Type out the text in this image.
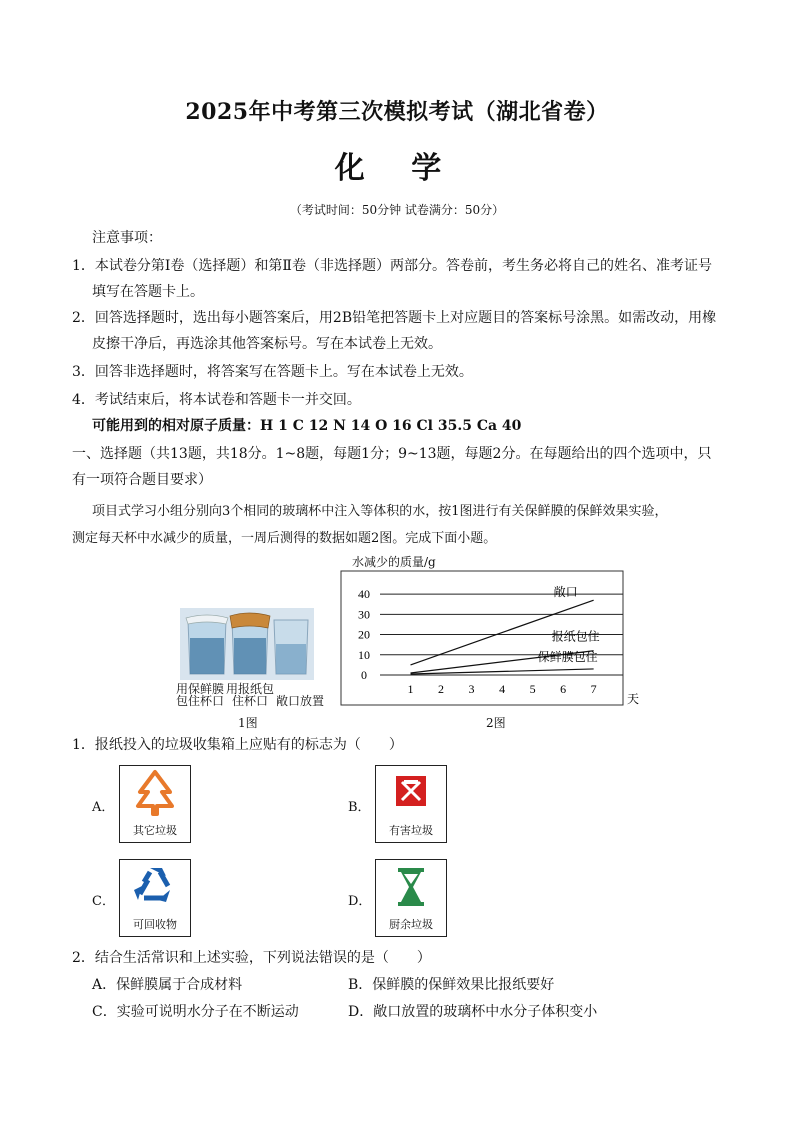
2025年中考第三次模拟考试（湖北省卷）
化 学
（考试时间：50分钟 试卷满分：50分）
注意事项：
1．本试卷分第Ⅰ卷（选择题）和第Ⅱ卷（非选择题）两部分。答卷前，考生务必将自己的姓名、准考证号
填写在答题卡上。
2．回答选择题时，选出每小题答案后，用2B铅笔把答题卡上对应题目的答案标号涂黑。如需改动，用橡
皮擦干净后，再选涂其他答案标号。写在本试卷上无效。
3．回答非选择题时，将答案写在答题卡上。写在本试卷上无效。
4．考试结束后，将本试卷和答题卡一并交回。
可能用到的相对原子质量：H 1 C 12 N 14 O 16 Cl 35.5 Ca 40
一、选择题（共13题，共18分。1~8题，每题1分；9~13题，每题2分。在每题给出的四个选项中，只
有一项符合题目要求）
项目式学习小组分别向3个相同的玻璃杯中注入等体积的水，按1图进行有关保鲜膜的保鲜效果实验，
测定每天杯中水减少的质量，一周后测得的数据如题2图。完成下面小题。
用保鲜膜
包住杯口
用报纸包
住杯口 敞口放置
1图
水减少的质量/g
0
10
20
30
40
1 2 3 4 5 6 7
天
敞口
报纸包住
保鲜膜包住
2图
1．报纸投入的垃圾收集箱上应贴有的标志为（　　）
A．
其它垃圾
B．
有害垃圾
C．
可回收物
D．
厨余垃圾
2．结合生活常识和上述实验，下列说法错误的是（　　）
A．保鲜膜属于合成材料	B．保鲜膜的保鲜效果比报纸要好
C．实验可说明水分子在不断运动	D．敞口放置的玻璃杯中水分子体积变小
